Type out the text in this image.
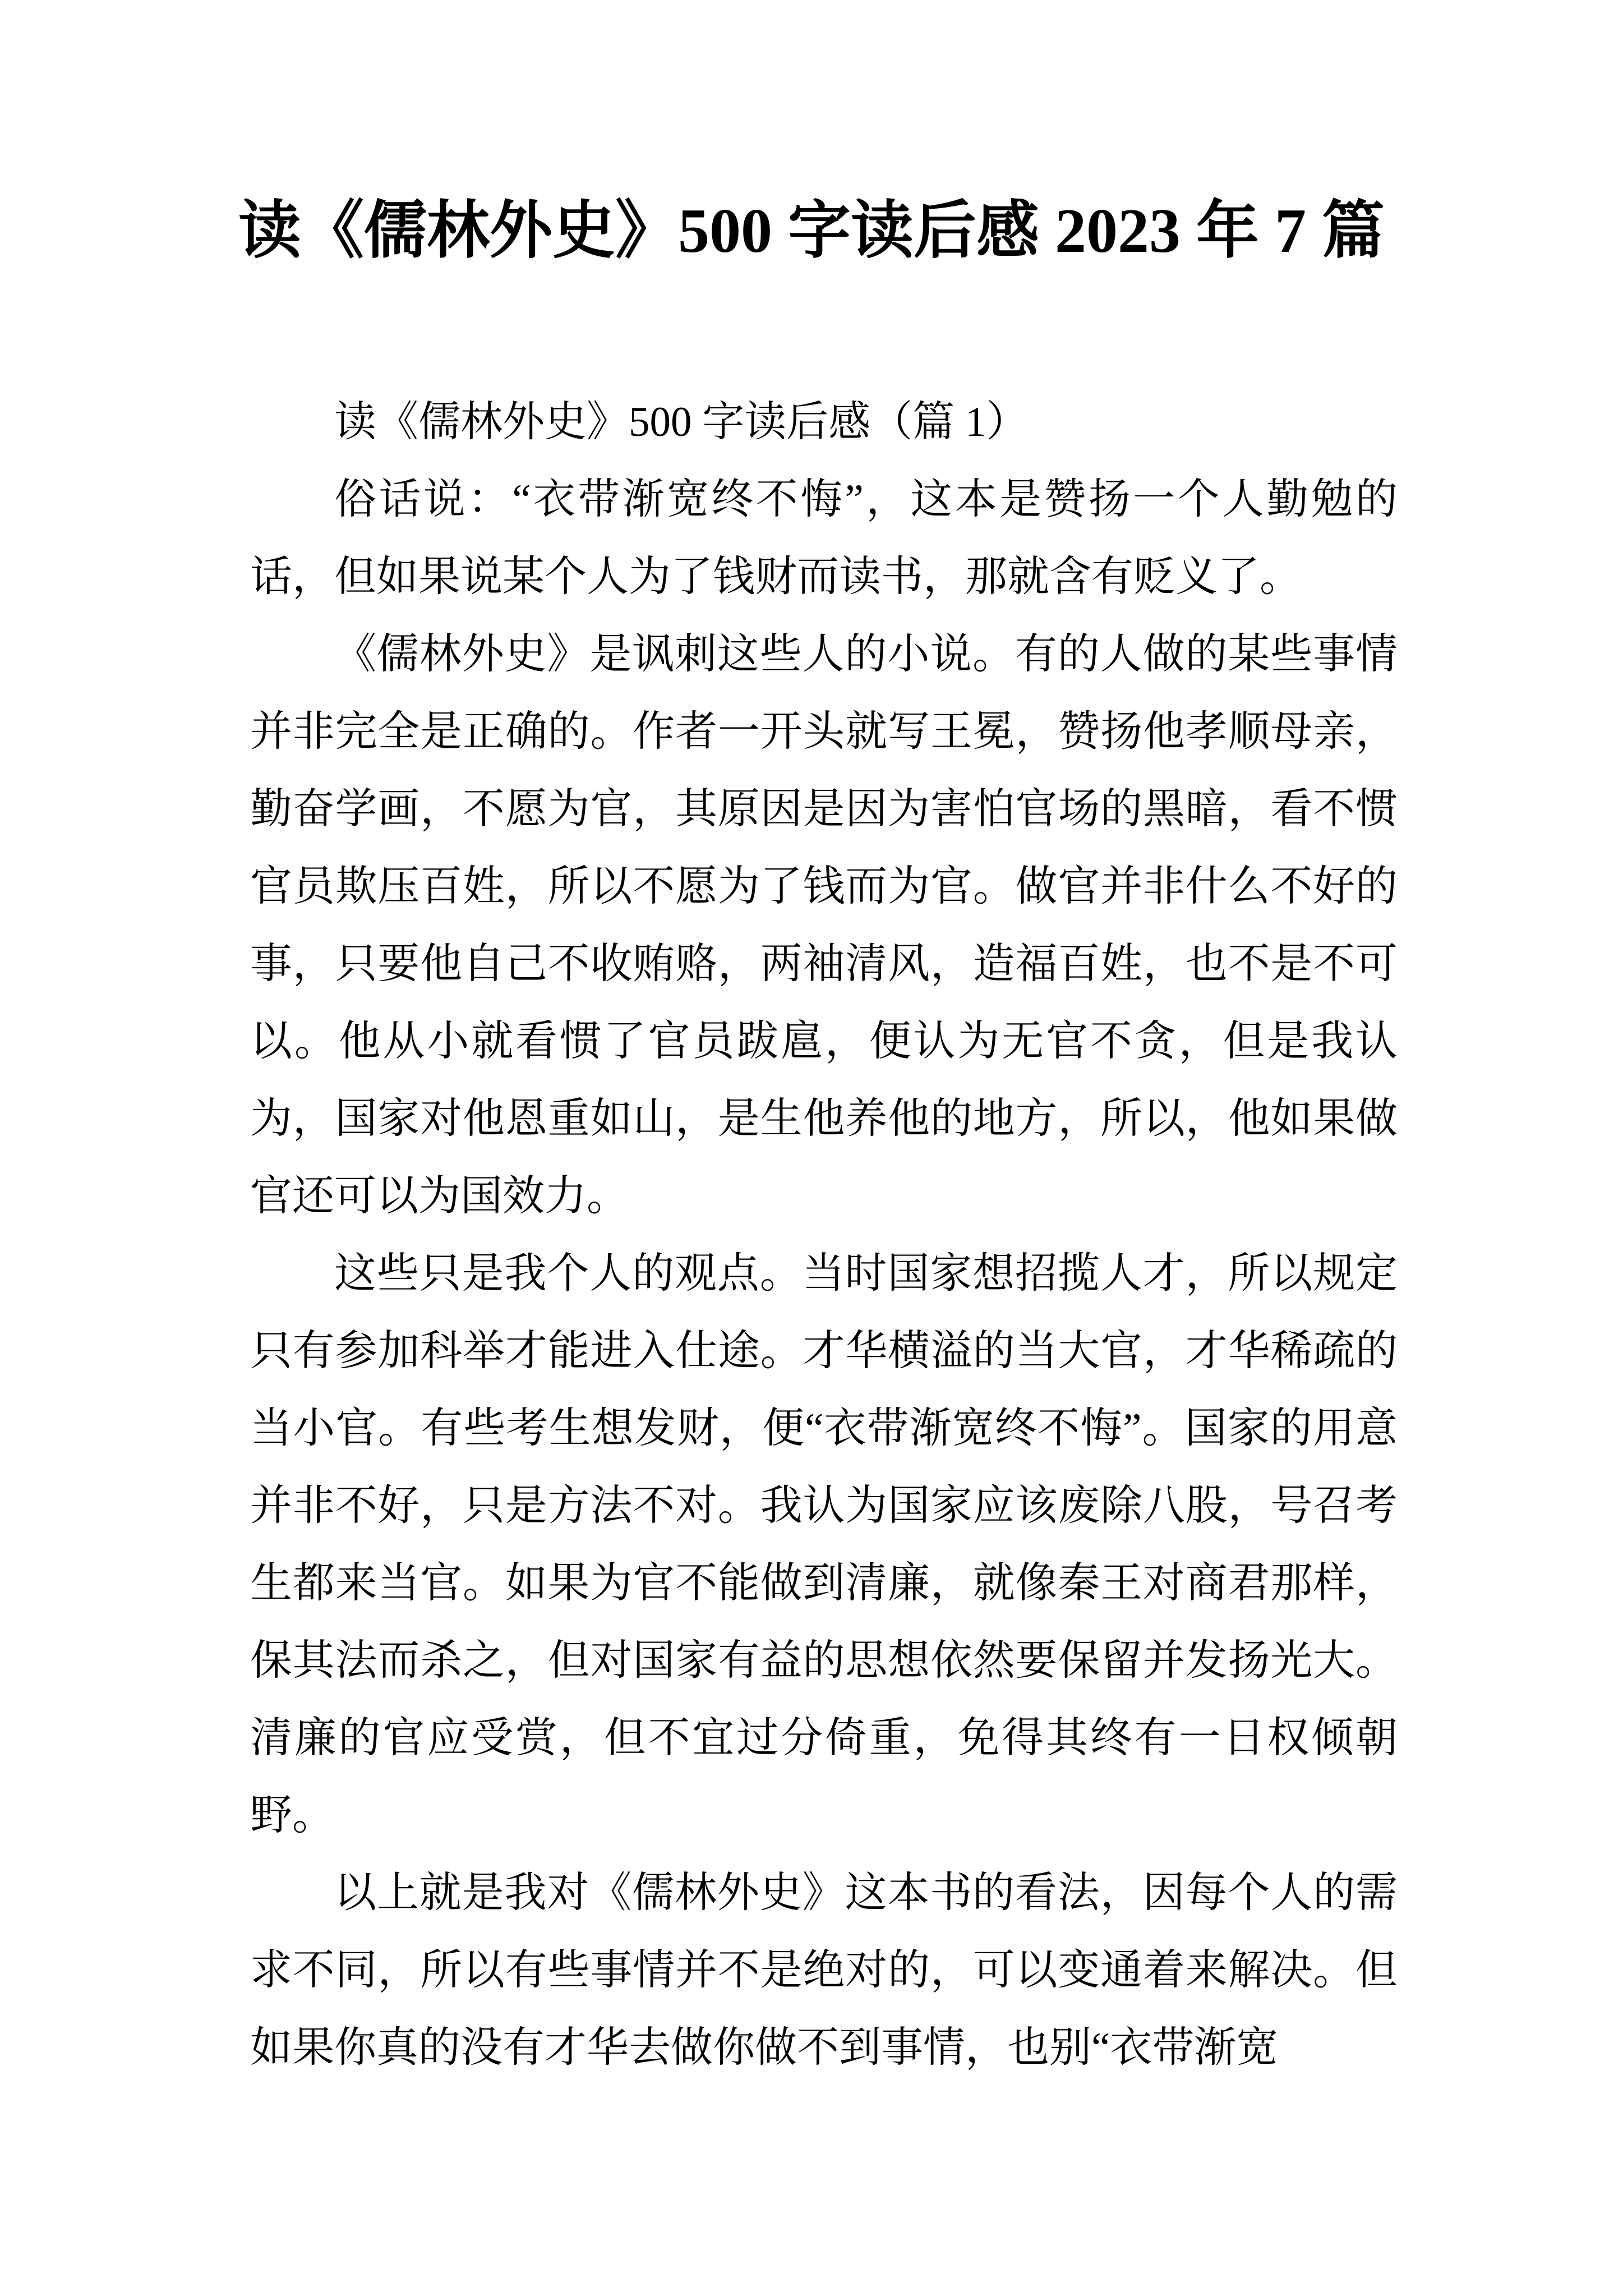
读《儒林外史》500 字读后感 2023 年 7 篇

读《儒林外史》500 字读后感（篇 1）

俗话说：“衣带渐宽终不悔”，这本是赞扬一个人勤勉的话，但如果说某个人为了钱财而读书，那就含有贬义了。

《儒林外史》是讽刺这些人的小说。有的人做的某些事情并非完全是正确的。作者一开头就写王冕，赞扬他孝顺母亲，勤奋学画，不愿为官，其原因是因为害怕官场的黑暗，看不惯官员欺压百姓，所以不愿为了钱而为官。做官并非什么不好的事，只要他自己不收贿赂，两袖清风，造福百姓，也不是不可以。他从小就看惯了官员跋扈，便认为无官不贪，但是我认为，国家对他恩重如山，是生他养他的地方，所以，他如果做官还可以为国效力。

这些只是我个人的观点。当时国家想招揽人才，所以规定只有参加科举才能进入仕途。才华横溢的当大官，才华稀疏的当小官。有些考生想发财，便“衣带渐宽终不悔”。国家的用意并非不好，只是方法不对。我认为国家应该废除八股，号召考生都来当官。如果为官不能做到清廉，就像秦王对商君那样，保其法而杀之，但对国家有益的思想依然要保留并发扬光大。清廉的官应受赏，但不宜过分倚重，免得其终有一日权倾朝野。

以上就是我对《儒林外史》这本书的看法，因每个人的需求不同，所以有些事情并不是绝对的，可以变通着来解决。但如果你真的没有才华去做你做不到事情，也别“衣带渐宽
